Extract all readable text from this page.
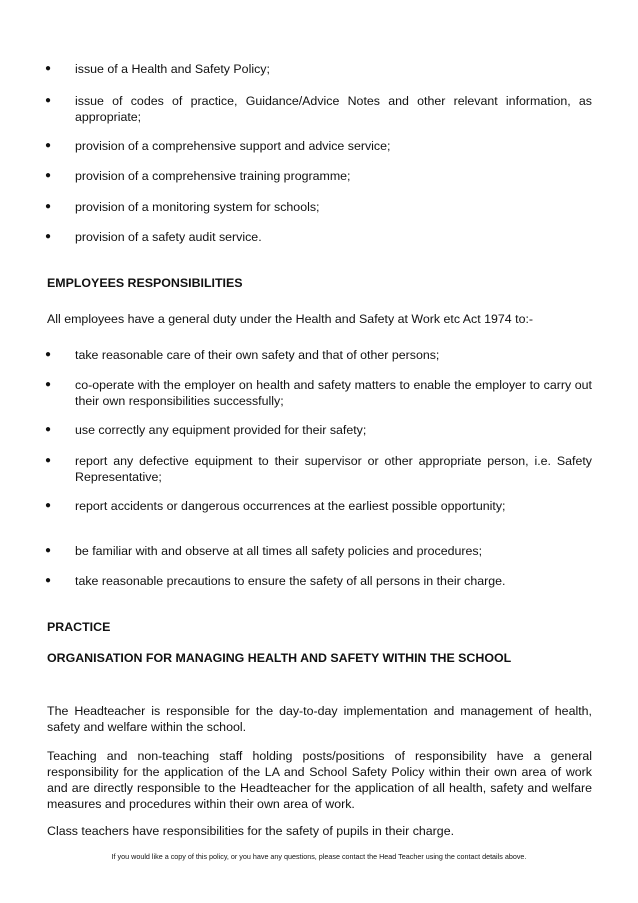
● issue of a Health and Safety Policy;
● issue of codes of practice, Guidance/Advice Notes and other relevant information, as appropriate;
● provision of a comprehensive support and advice service;
● provision of a comprehensive training programme;
● provision of a monitoring system for schools;
● provision of a safety audit service.
EMPLOYEES RESPONSIBILITIES
All employees have a general duty under the Health and Safety at Work etc Act 1974 to:-
● take reasonable care of their own safety and that of other persons;
● co-operate with the employer on health and safety matters to enable the employer to carry out their own responsibilities successfully;
● use correctly any equipment provided for their safety;
● report any defective equipment to their supervisor or other appropriate person, i.e. Safety Representative;
● report accidents or dangerous occurrences at the earliest possible opportunity;
● be familiar with and observe at all times all safety policies and procedures;
● take reasonable precautions to ensure the safety of all persons in their charge.
PRACTICE
ORGANISATION FOR MANAGING HEALTH AND SAFETY WITHIN THE SCHOOL
The Headteacher is responsible for the day-to-day implementation and management of health, safety and welfare within the school.
Teaching and non-teaching staff holding posts/positions of responsibility have a general responsibility for the application of the LA and School Safety Policy within their own area of work and are directly responsible to the Headteacher for the application of all health, safety and welfare measures and procedures within their own area of work.
Class teachers have responsibilities for the safety of pupils in their charge.
If you would like a copy of this policy, or you have any questions, please contact the Head Teacher using the contact details above.
